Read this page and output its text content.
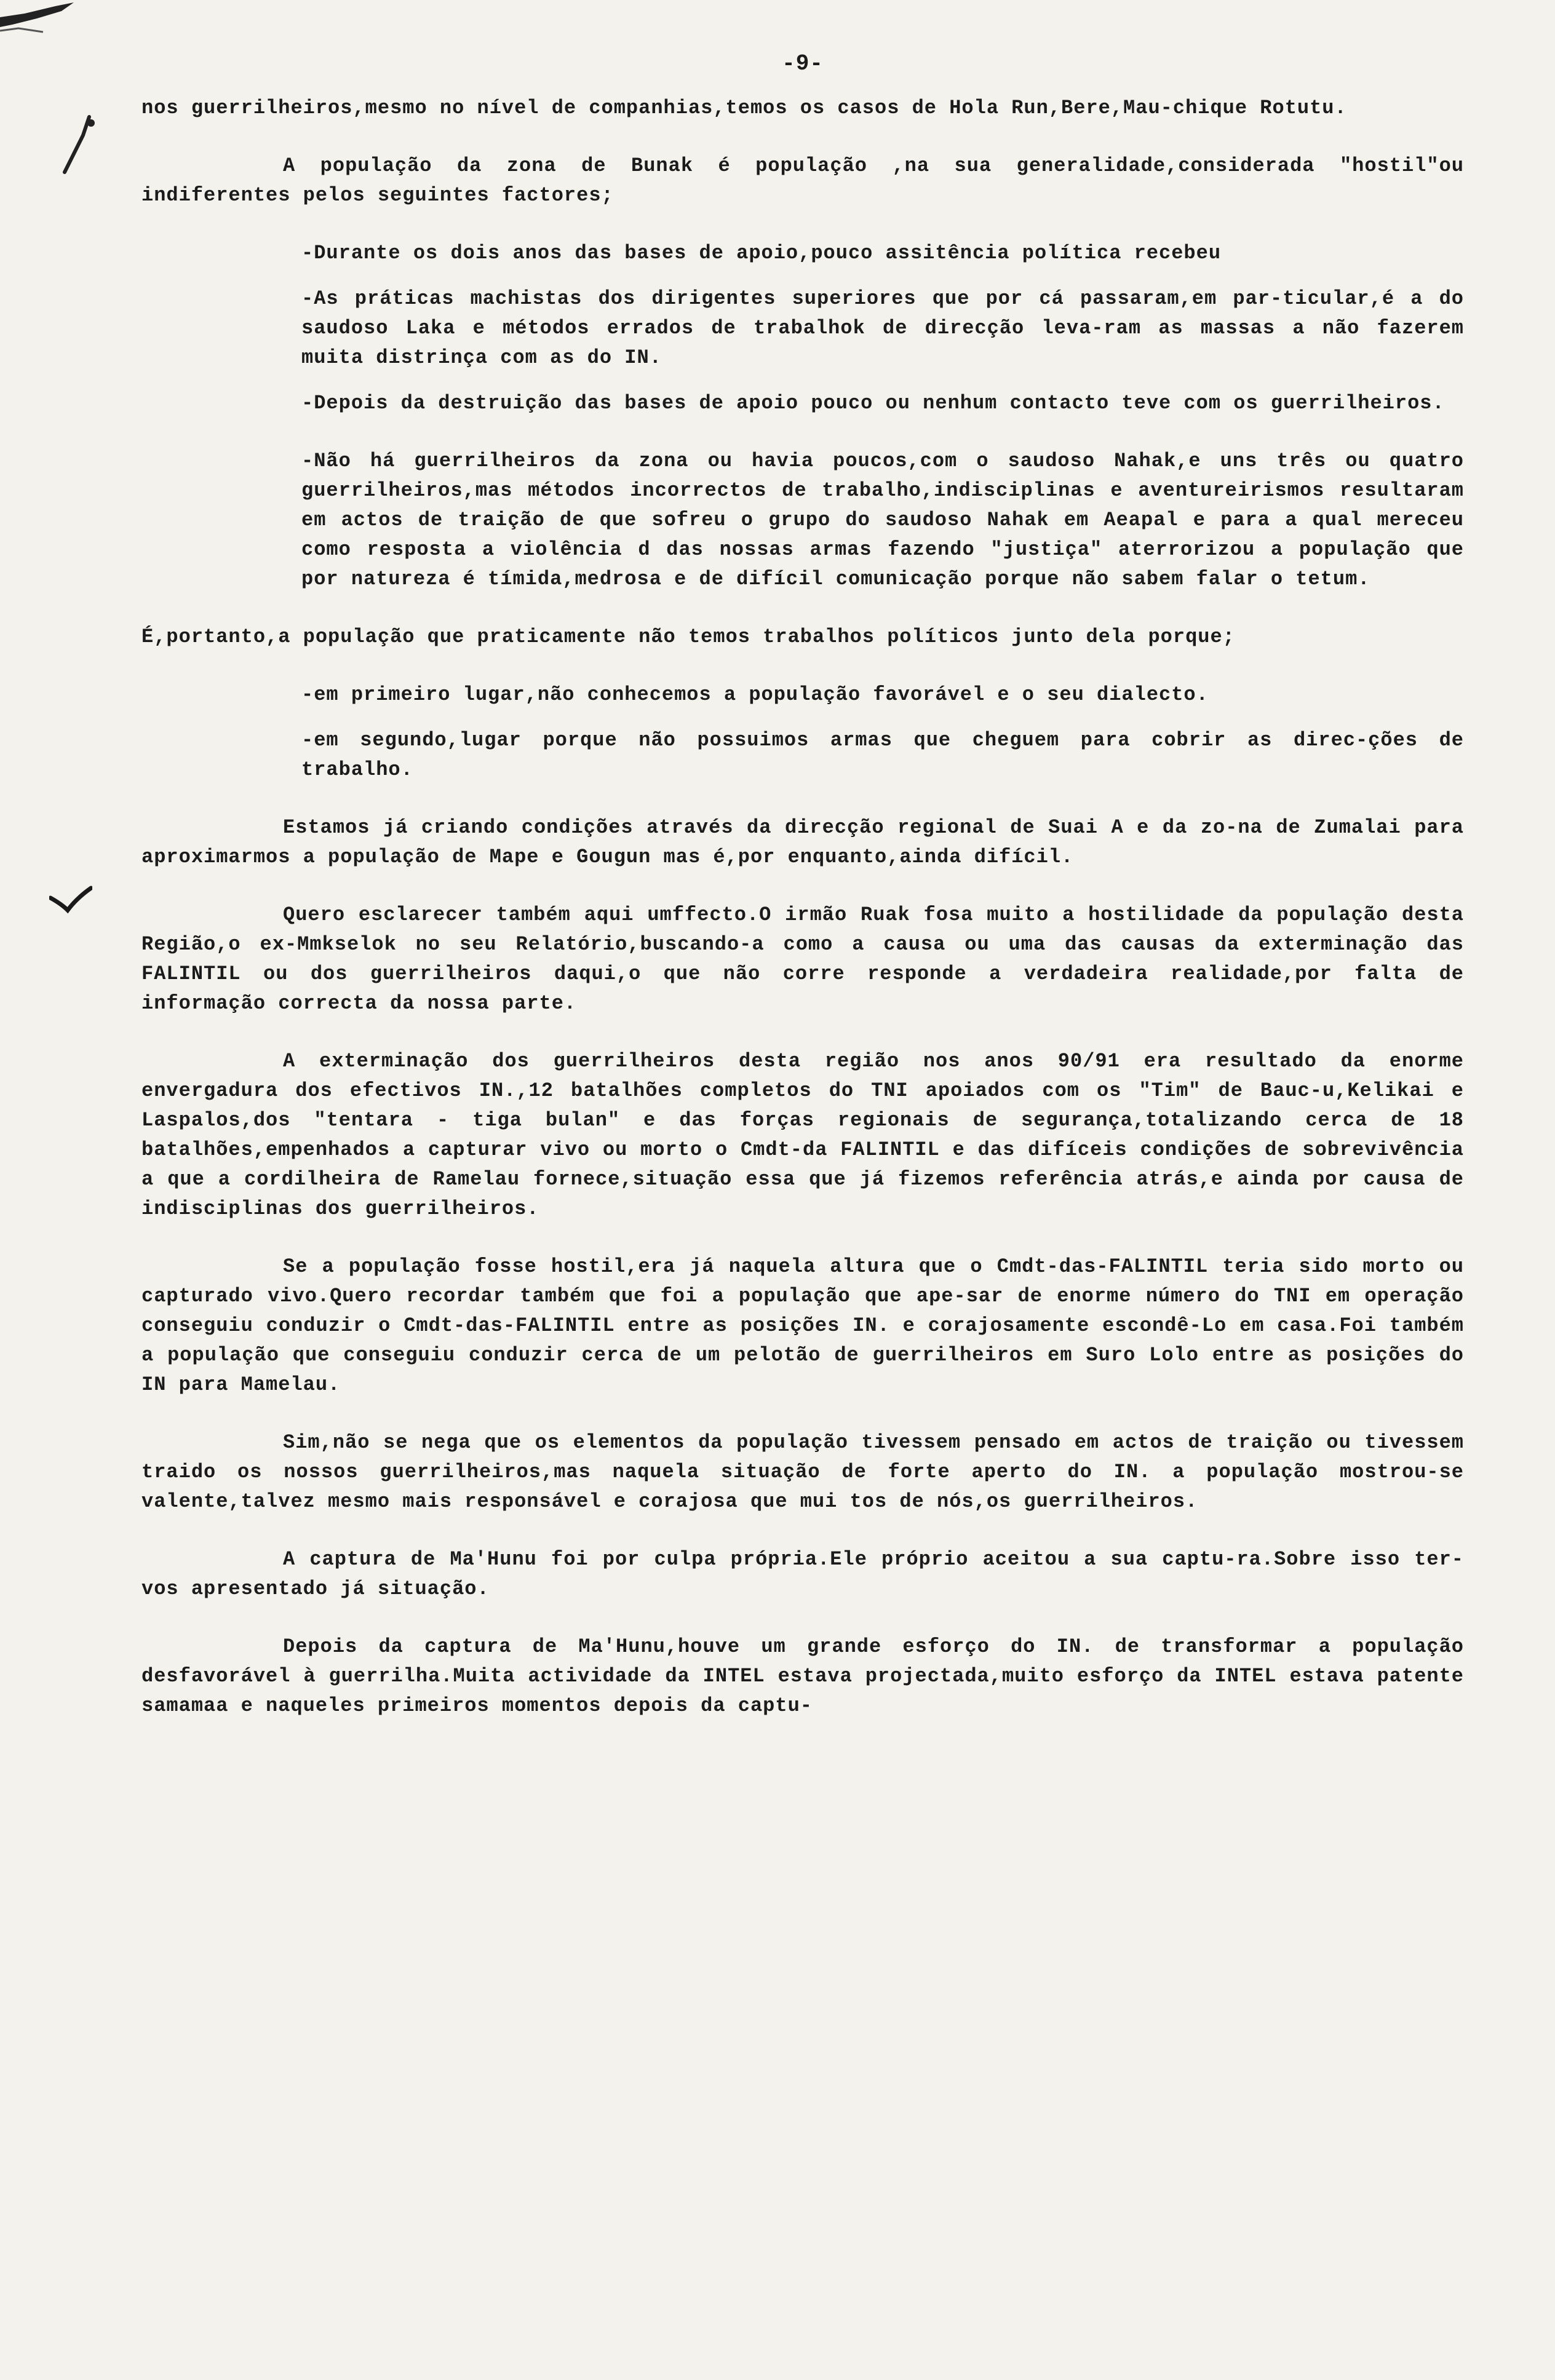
-9-

nos guerrilheiros,mesmo no nível de companhias,temos os casos de Hola Run,Bere,Mau-chique Rotutu.

A população da zona de Bunak é população ,na sua generalidade,considerada "hostil"ou indiferentes pelos seguintes factores;

-Durante os dois anos das bases de apoio,pouco assitência política recebeu

-As práticas machistas dos dirigentes superiores que por cá passaram,em par-ticular,é a do saudoso Laka e métodos errados de trabalhok de direcção leva-ram as massas a não fazerem muita distrinça com as do IN.

-Depois da destruição das bases de apoio pouco ou nenhum contacto teve com os guerrilheiros.

-Não há guerrilheiros da zona ou havia poucos,com o saudoso Nahak,e uns três ou quatro guerrilheiros,mas métodos incorrectos de trabalho,indisciplinas e aventureirismos resultaram em actos de traição de que sofreu o grupo do saudoso Nahak em Aeapal e para a qual mereceu como resposta a violência d das nossas armas fazendo "justiça" aterrorizou a população que por natureza é tímida,medrosa e de difícil comunicação porque não sabem falar o tetum.

É,portanto,a população que praticamente não temos trabalhos políticos junto dela porque;

-em primeiro lugar,não conhecemos a população favorável e o seu dialecto.

-em segundo,lugar porque não possuimos armas que cheguem para cobrir as direc-ções de trabalho.

Estamos já criando condições através da direcção regional de Suai A e da zo-na de Zumalai para aproximarmos a população de Mape e Gougun mas é,por enquanto,ainda difícil.

Quero esclarecer também aqui umffecto.O irmão Ruak fosa muito a hostilidade da população desta Região,o ex-Mmkselok no seu Relatório,buscando-a como a causa ou uma das causas da exterminação das FALINTIL ou dos guerrilheiros daqui,o que não corre responde a verdadeira realidade,por falta de informação correcta da nossa parte.

A exterminação dos guerrilheiros desta região nos anos 90/91 era resultado da enorme envergadura dos efectivos IN.,12 batalhões completos do TNI apoiados com os "Tim" de Bauc-u,Kelikai e Laspalos,dos "tentara - tiga bulan" e das forças regionais de segurança,totalizando cerca de 18 batalhões,empenhados a capturar vivo ou morto o Cmdt-da FALINTIL e das difíceis condições de sobrevivência a que a cordilheira de Ramelau fornece,situação essa que já fizemos referência atrás,e ainda por causa de indisciplinas dos guerrilheiros.

Se a população fosse hostil,era já naquela altura que o Cmdt-das-FALINTIL teria sido morto ou capturado vivo.Quero recordar também que foi a população que ape-sar de enorme número do TNI em operação conseguiu conduzir o Cmdt-das-FALINTIL entre as posições IN. e corajosamente escondê-Lo em casa.Foi também a população que conseguiu conduzir cerca de um pelotão de guerrilheiros em Suro Lolo entre as posições do IN para Mamelau.

Sim,não se nega que os elementos da população tivessem pensado em actos de traição ou tivessem traido os nossos guerrilheiros,mas naquela situação de forte aperto do IN. a população mostrou-se valente,talvez mesmo mais responsável e corajosa que mui tos de nós,os guerrilheiros.

A captura de Ma'Hunu foi por culpa própria.Ele próprio aceitou a sua captu-ra.Sobre isso ter-vos apresentado já situação.

Depois da captura de Ma'Hunu,houve um grande esforço do IN. de transformar a população desfavorável à guerrilha.Muita actividade da INTEL estava projectada,muito esforço da INTEL estava patente samamaa e naqueles primeiros momentos depois da captu-
